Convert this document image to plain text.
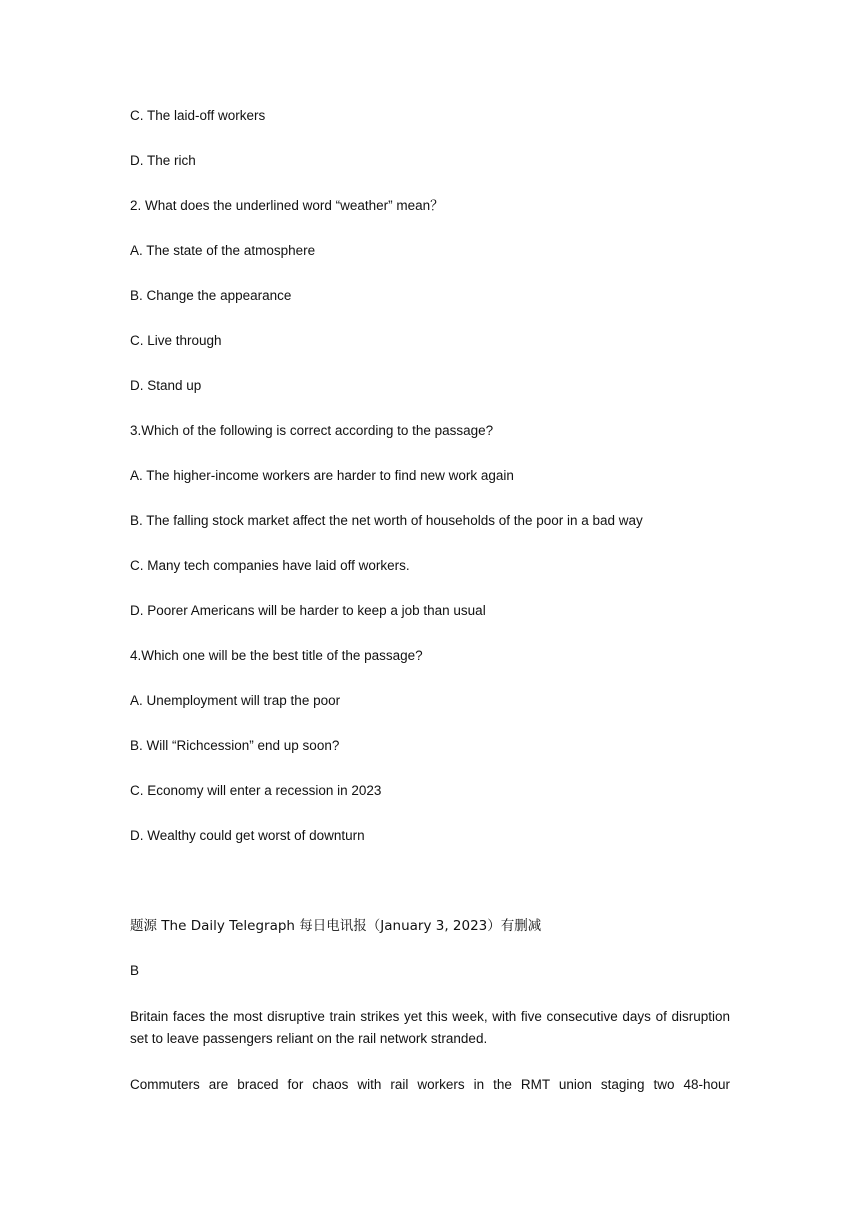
C. The laid-off workers
D. The rich
2. What does the underlined word “weather” mean？
A. The state of the atmosphere
B. Change the appearance
C. Live through
D. Stand up
3.Which of the following is correct according to the passage?
A. The higher-income workers are harder to find new work again
B. The falling stock market affect the net worth of households of the poor in a bad way
C. Many tech companies have laid off workers.
D. Poorer Americans will be harder to keep a job than usual
4.Which one will be the best title of the passage?
A. Unemployment will trap the poor
B. Will “Richcession” end up soon?
C. Economy will enter a recession in 2023
D. Wealthy could get worst of downturn
题源 The Daily Telegraph 每日电讯报（January 3, 2023）有删减
B
Britain faces the most disruptive train strikes yet this week, with five consecutive days of disruption set to leave passengers reliant on the rail network stranded.
Commuters are braced for chaos with rail workers in the RMT union staging two 48-hour
